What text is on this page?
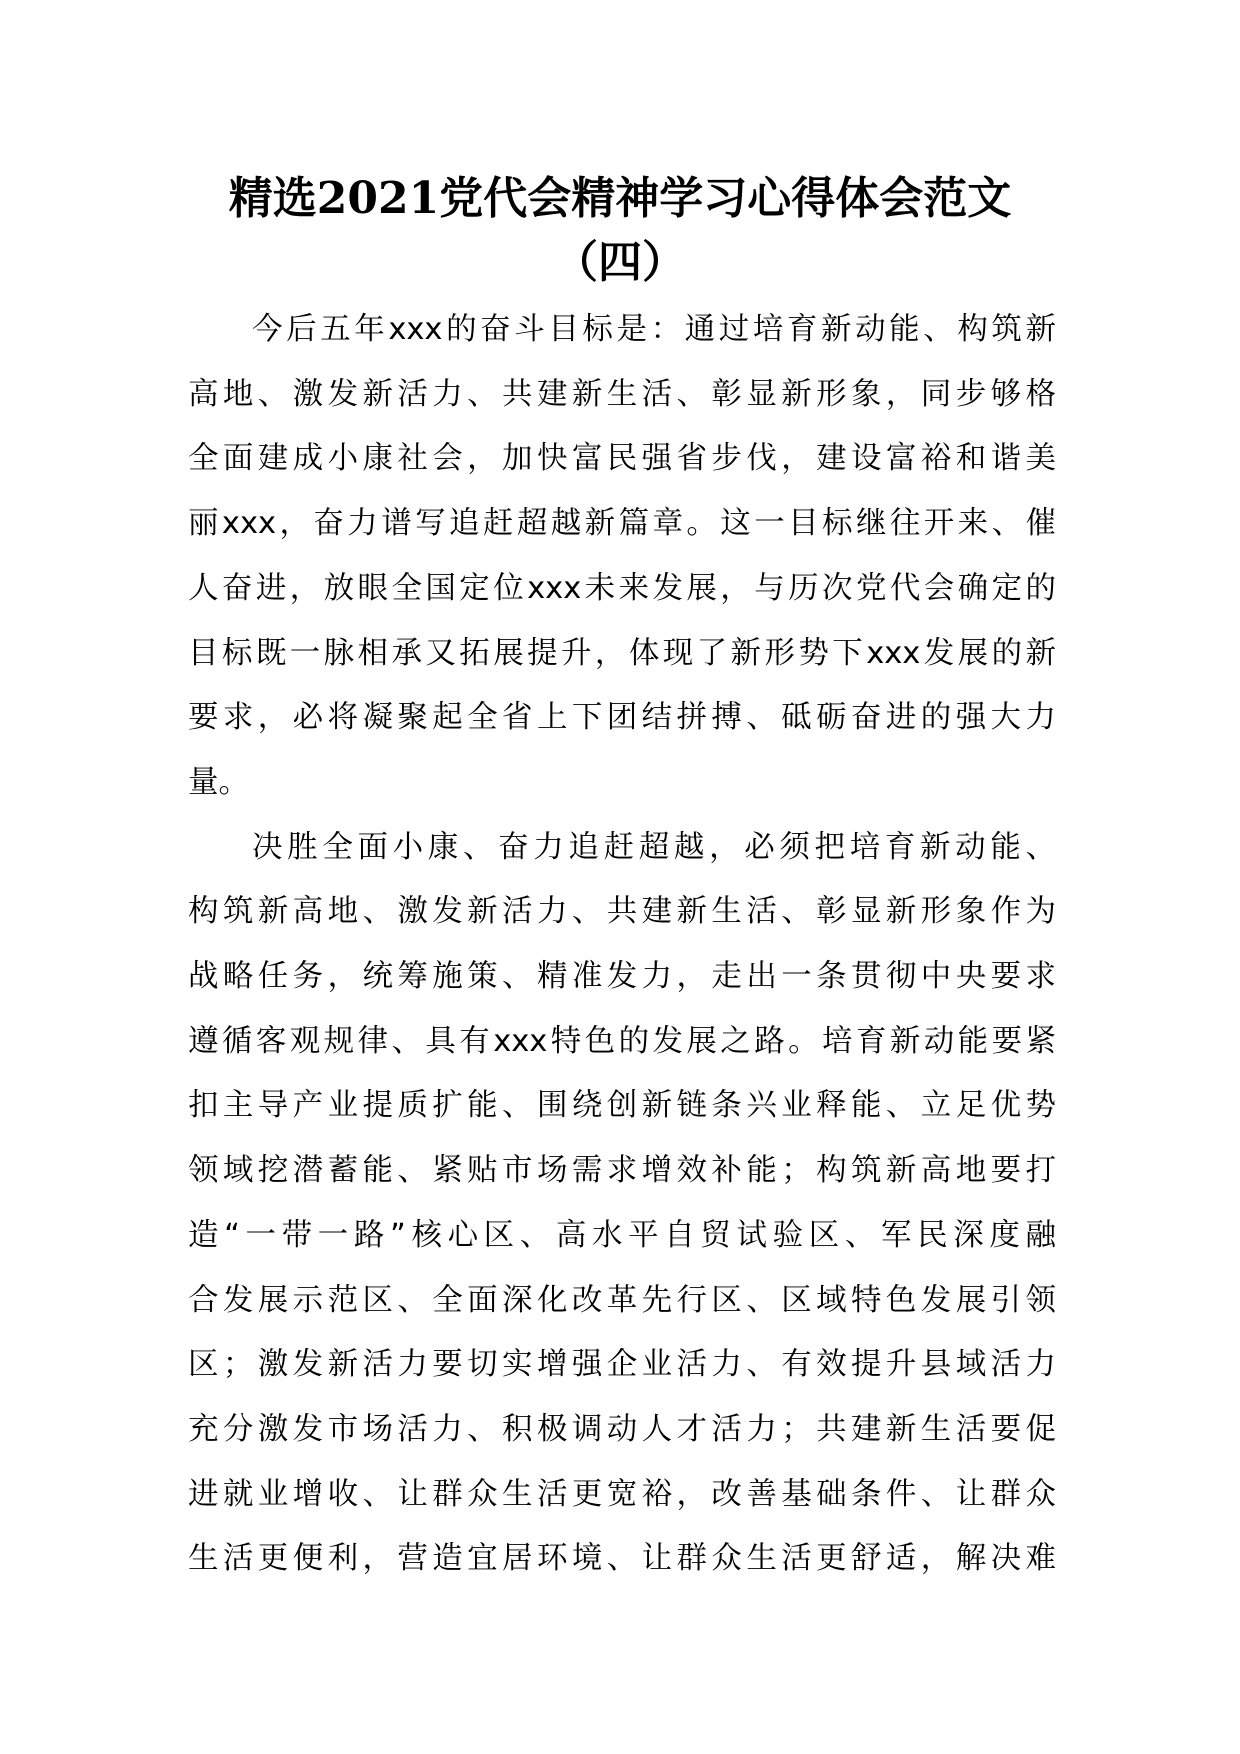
精选2021党代会精神学习心得体会范文
（四）

今后五年xxx的奋斗目标是：通过培育新动能、构筑新
高地、激发新活力、共建新生活、彰显新形象，同步够格
全面建成小康社会，加快富民强省步伐，建设富裕和谐美
丽xxx，奋力谱写追赶超越新篇章。这一目标继往开来、催
人奋进，放眼全国定位xxx未来发展，与历次党代会确定的
目标既一脉相承又拓展提升，体现了新形势下xxx发展的新
要求，必将凝聚起全省上下团结拼搏、砥砺奋进的强大力
量。

决胜全面小康、奋力追赶超越，必须把培育新动能、
构筑新高地、激发新活力、共建新生活、彰显新形象作为
战略任务，统筹施策、精准发力，走出一条贯彻中央要求
遵循客观规律、具有xxx特色的发展之路。培育新动能要紧
扣主导产业提质扩能、围绕创新链条兴业释能、立足优势
领域挖潜蓄能、紧贴市场需求增效补能；构筑新高地要打
造“一带一路”核心区、高水平自贸试验区、军民深度融
合发展示范区、全面深化改革先行区、区域特色发展引领
区；激发新活力要切实增强企业活力、有效提升县域活力
充分激发市场活力、积极调动人才活力；共建新生活要促
进就业增收、让群众生活更宽裕，改善基础条件、让群众
生活更便利，营造宜居环境、让群众生活更舒适，解决难
